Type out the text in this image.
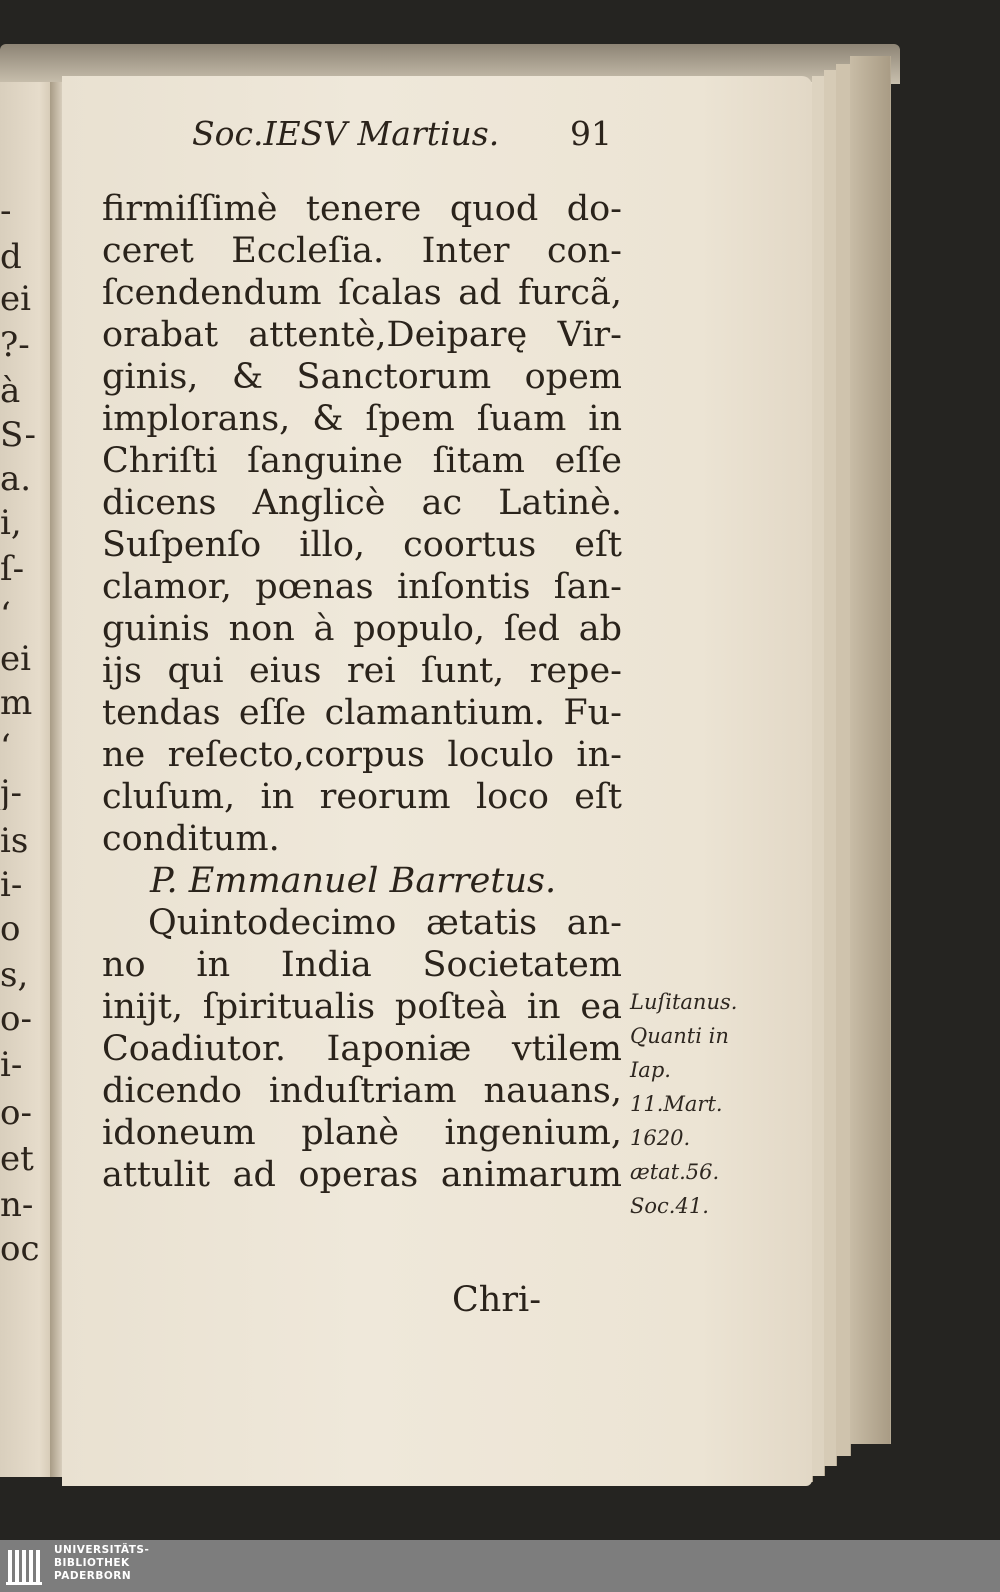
-
d
ei
?-
à
S-
a.
i,
ſ-
‘
ei
m
‘
j-
is
i-
o
s,
o-
i-
o-
et
n-
oc
Soc.IESV Martius. 91
firmiſſimè tenere quod do-
ceret Eccleſia. Inter con-
ſcendendum ſcalas ad furcã,
orabat attentè,Deiparę Vir-
ginis, & Sanctorum opem
implorans, & ſpem ſuam in
Chriſti ſanguine ſitam eſſe
dicens Anglicè ac Latinè.
Suſpenſo illo, coortus eſt
clamor, pœnas inſontis ſan-
guinis non à populo, ſed ab
ijs qui eius rei ſunt, repe-
tendas eſſe clamantium. Fu-
ne reſecto,corpus loculo in-
cluſum, in reorum loco eſt
conditum.
P. Emmanuel Barretus.
Quintodecimo ætatis an-
no in India Societatem
inijt, ſpiritualis poſteà in ea
Coadiutor. Iaponiæ vtilem
dicendo induſtriam nauans,
idoneum planè ingenium,
attulit ad operas animarum
Chri-
Luſitanus.
Quanti in
Iap.
11.Mart.
1620.
ætat.56.
Soc.41.
UNIVERSITÄTS-
BIBLIOTHEK
PADERBORN
